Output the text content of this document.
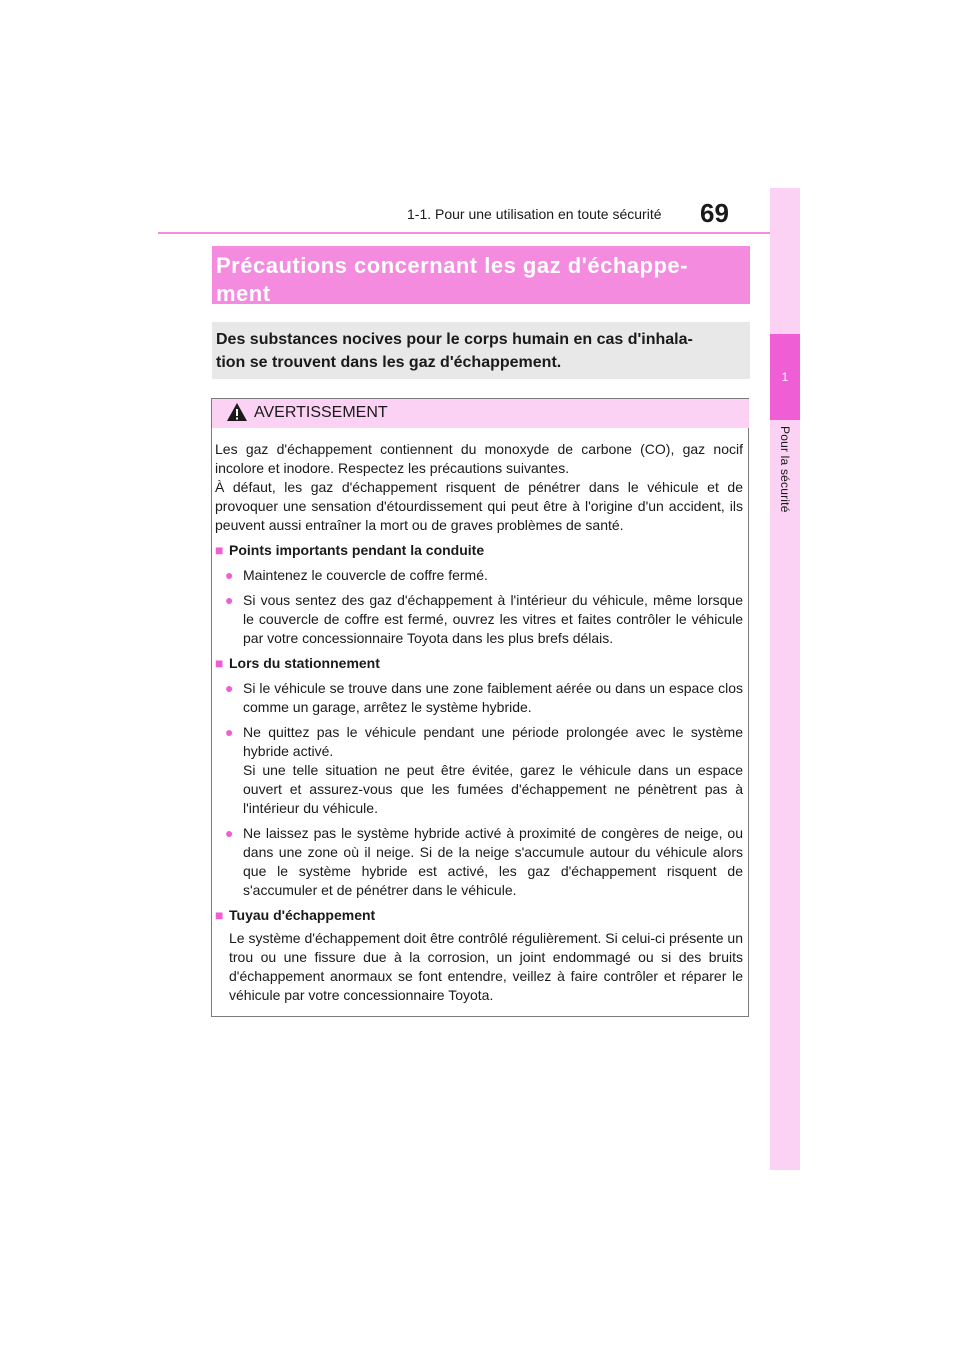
1-1. Pour une utilisation en toute sécurité 69
1
Pour la sécurité
Précautions concernant les gaz d'échappe-
ment
Des substances nocives pour le corps humain en cas d'inhala-
tion se trouvent dans les gaz d'échappement.
AVERTISSEMENT

Les gaz d'échappement contiennent du monoxyde de carbone (CO), gaz nocif incolore et inodore. Respectez les précautions suivantes.

À défaut, les gaz d'échappement risquent de pénétrer dans le véhicule et de provoquer une sensation d'étourdissement qui peut être à l'origine d'un accident, ils peuvent aussi entraîner la mort ou de graves problèmes de santé.

■ Points importants pendant la conduite
● Maintenez le couvercle de coffre fermé.
● Si vous sentez des gaz d'échappement à l'intérieur du véhicule, même lorsque le couvercle de coffre est fermé, ouvrez les vitres et faites contrôler le véhicule par votre concessionnaire Toyota dans les plus brefs délais.
■ Lors du stationnement
● Si le véhicule se trouve dans une zone faiblement aérée ou dans un espace clos comme un garage, arrêtez le système hybride.
● Ne quittez pas le véhicule pendant une période prolongée avec le système hybride activé.
Si une telle situation ne peut être évitée, garez le véhicule dans un espace ouvert et assurez-vous que les fumées d'échappement ne pénètrent pas à l'intérieur du véhicule.
● Ne laissez pas le système hybride activé à proximité de congères de neige, ou dans une zone où il neige. Si de la neige s'accumule autour du véhicule alors que le système hybride est activé, les gaz d'échappement risquent de s'accumuler et de pénétrer dans le véhicule.
■ Tuyau d'échappement
Le système d'échappement doit être contrôlé régulièrement. Si celui-ci présente un trou ou une fissure due à la corrosion, un joint endommagé ou si des bruits d'échappement anormaux se font entendre, veillez à faire contrôler et réparer le véhicule par votre concessionnaire Toyota.
